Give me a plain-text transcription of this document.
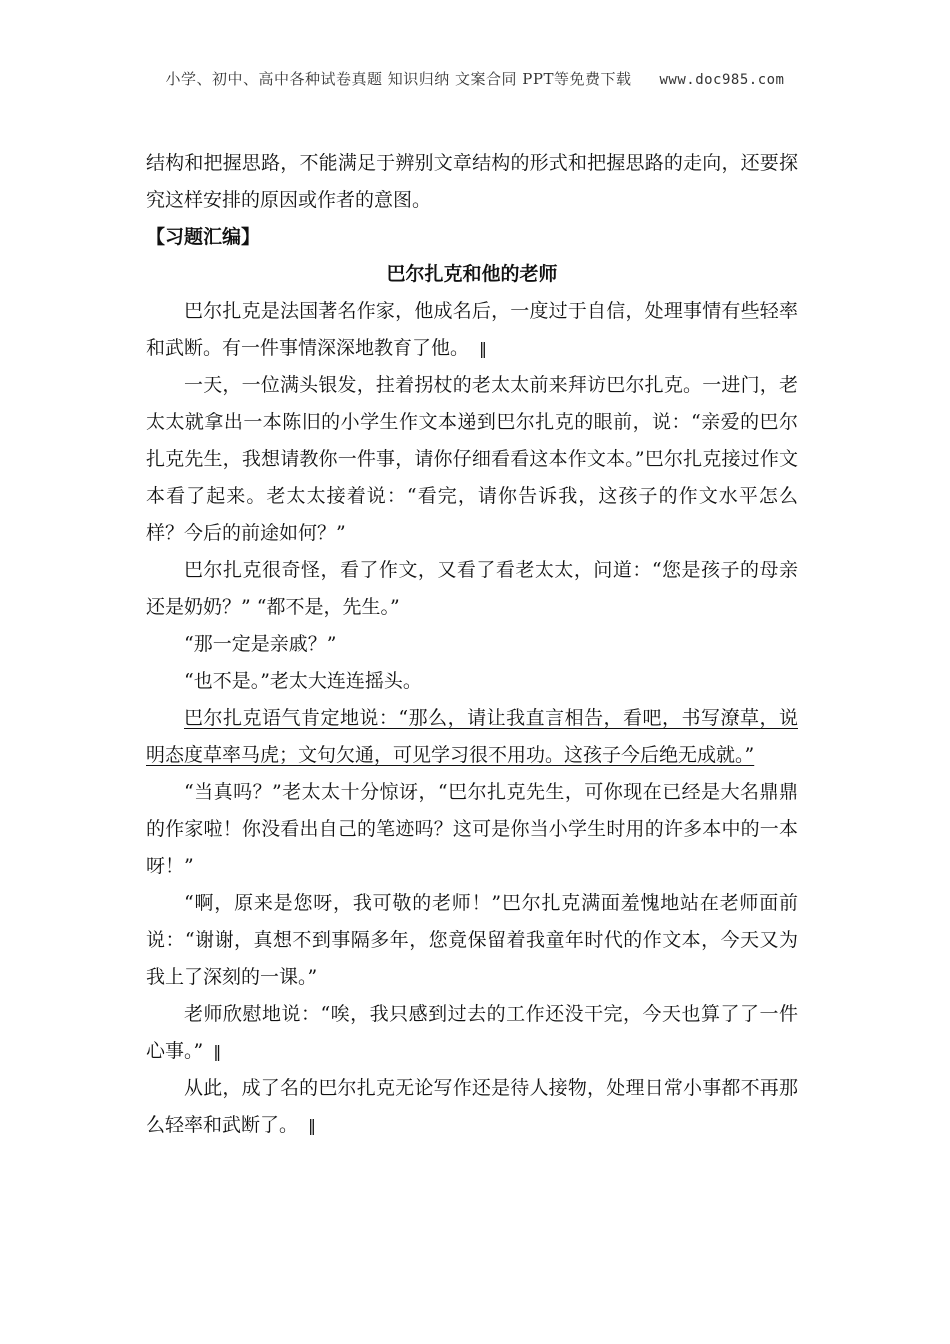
小学、初中、高中各种试卷真题 知识归纳 文案合同 PPT等免费下载 www.doc985.com

结构和把握思路，不能满足于辨别文章结构的形式和把握思路的走向，还要探究这样安排的原因或作者的意图。

【习题汇编】

巴尔扎克和他的老师

巴尔扎克是法国著名作家，他成名后，一度过于自信，处理事情有些轻率和武断。有一件事情深深地教育了他。 ‖

一天，一位满头银发，拄着拐杖的老太太前来拜访巴尔扎克。一进门，老太太就拿出一本陈旧的小学生作文本递到巴尔扎克的眼前，说：“亲爱的巴尔扎克先生，我想请教你一件事，请你仔细看看这本作文本。”巴尔扎克接过作文本看了起来。老太太接着说：“看完，请你告诉我，这孩子的作文水平怎么样？今后的前途如何？”

巴尔扎克很奇怪，看了作文，又看了看老太太，问道：“您是孩子的母亲还是奶奶？” “都不是，先生。”

“那一定是亲戚？”

“也不是。”老太大连连摇头。

巴尔扎克语气肯定地说：“那么，请让我直言相告，看吧，书写潦草，说明态度草率马虎；文句欠通，可见学习很不用功。这孩子今后绝无成就。”

“当真吗？”老太太十分惊讶，“巴尔扎克先生，可你现在已经是大名鼎鼎的作家啦！你没看出自己的笔迹吗？这可是你当小学生时用的许多本中的一本呀！”

“啊，原来是您呀，我可敬的老师！”巴尔扎克满面羞愧地站在老师面前说：“谢谢，真想不到事隔多年，您竟保留着我童年时代的作文本，今天又为我上了深刻的一课。”

老师欣慰地说：“唉，我只感到过去的工作还没干完，今天也算了了一件心事。” ‖

从此，成了名的巴尔扎克无论写作还是待人接物，处理日常小事都不再那么轻率和武断了。 ‖
